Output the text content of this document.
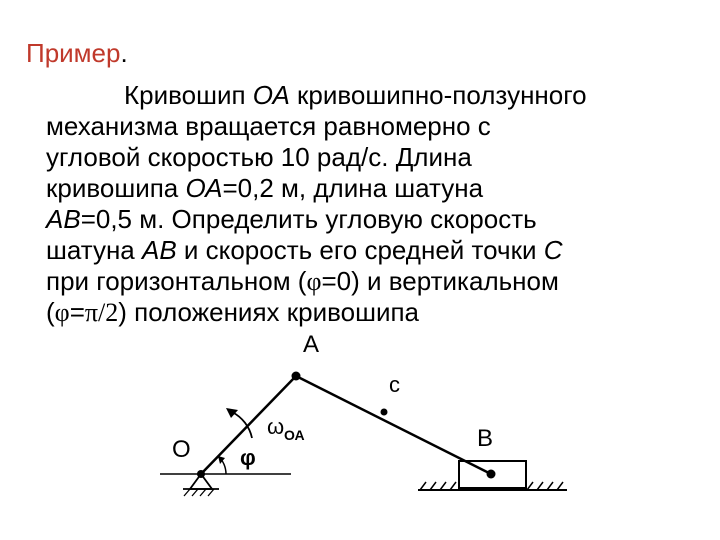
Пример.
Кривошип ОА кривошипно-ползунного
механизма вращается равномерно с
угловой скоростью 10 рад/с. Длина
кривошипа ОА=0,2 м, длина шатуна
АВ=0,5 м. Определить угловую скорость
шатуна АВ и скорость его средней точки С
при горизонтальном (φ=0) и вертикальном
(φ=π/2) положениях кривошипа
А
О	В
с
ω ОА
φ
